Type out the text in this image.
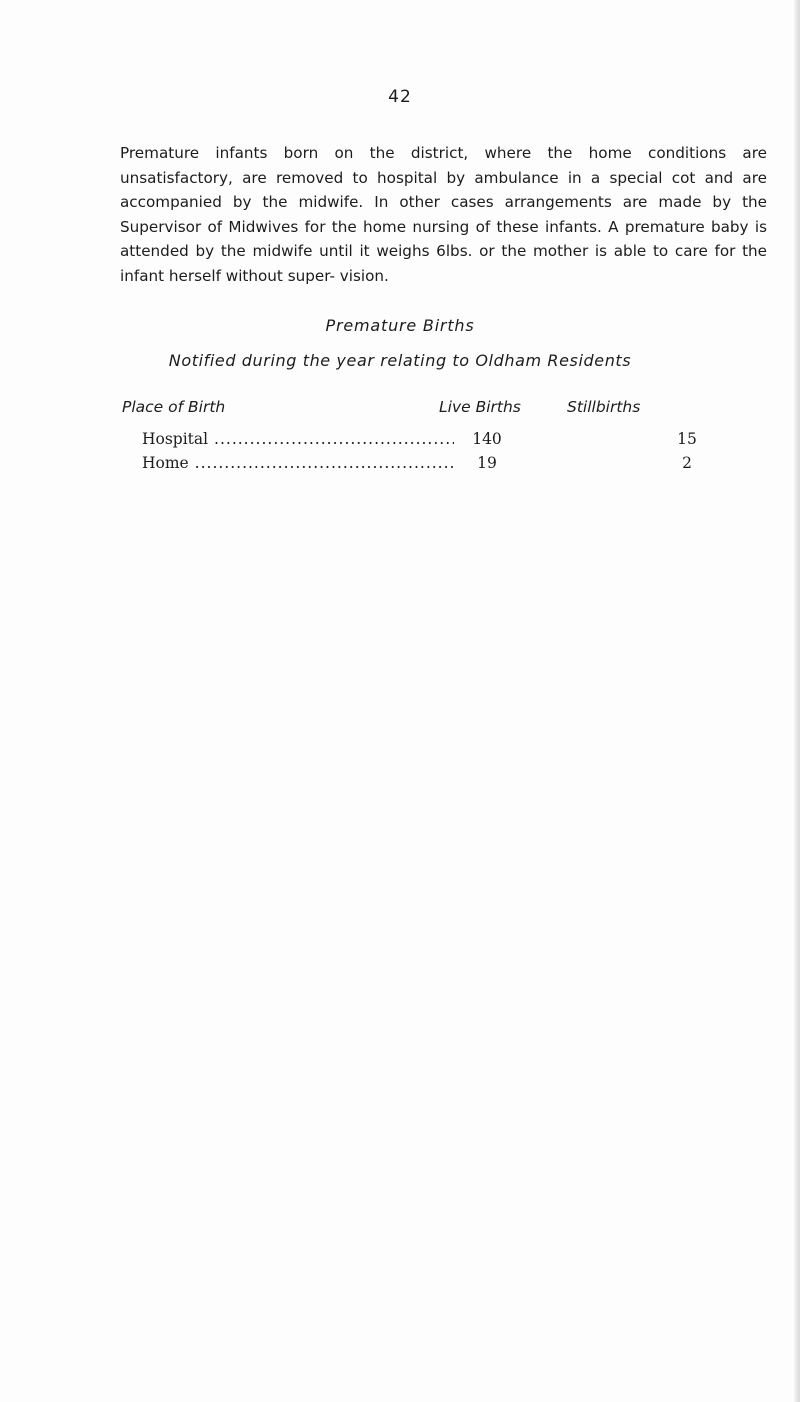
42

Premature infants born on the district, where the home conditions are unsatisfactory, are removed to hospital by ambulance in a special cot and are accompanied by the midwife. In other cases arrangements are made by the Supervisor of Midwives for the home nursing of these infants. A premature baby is attended by the midwife until it weighs 6lbs. or the mother is able to care for the infant herself without super- vision.

Premature Births
Notified during the year relating to Oldham Residents
Place of Birth	Live Births	Stillbirths
Hospital .....	140	15
Home .....	19	2
